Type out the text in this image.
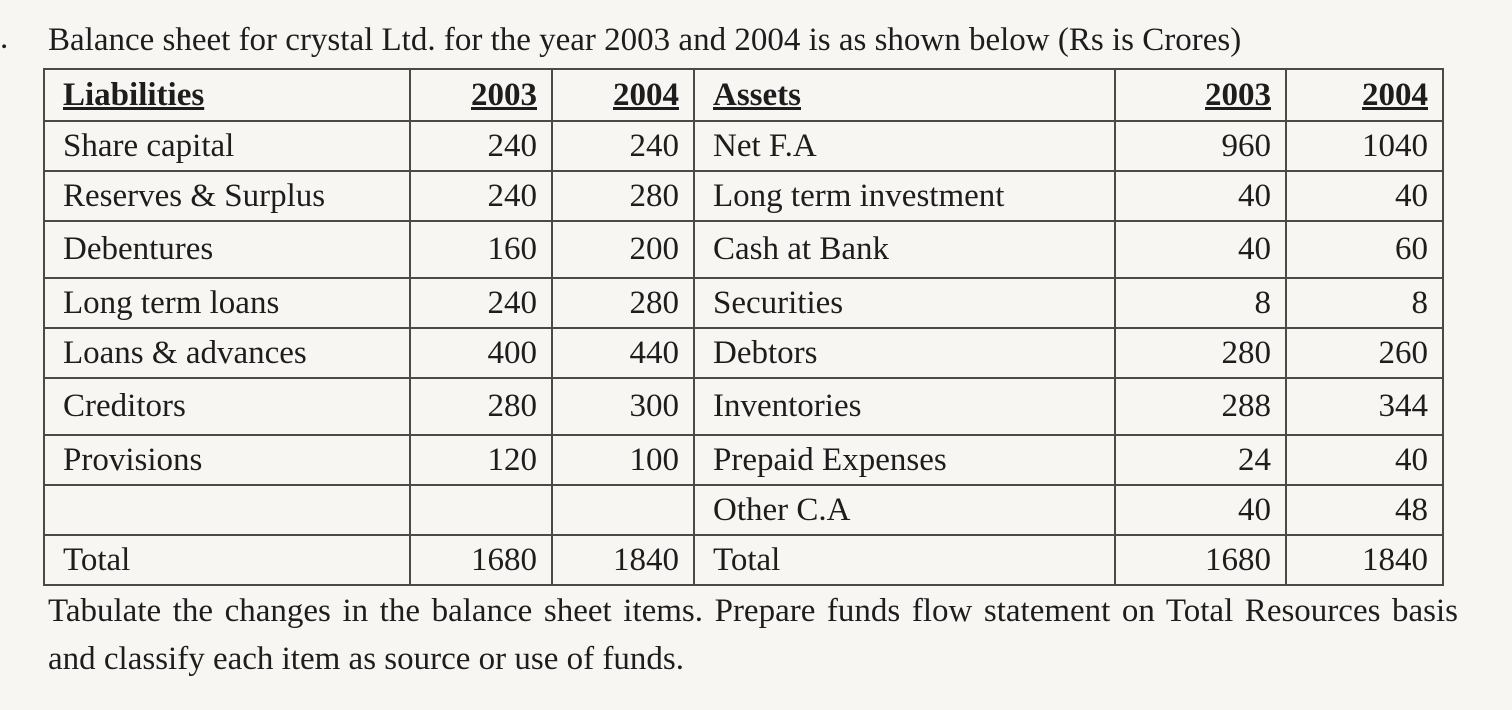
. Balance sheet for crystal Ltd. for the year 2003 and 2004 is as shown below (Rs is Crores)
Liabilities	2003	2004	Assets	2003	2004
Share capital	240	240	Net F.A	960	1040
Reserves & Surplus	240	280	Long term investment	40	40
Debentures	160	200	Cash at Bank	40	60
Long term loans	240	280	Securities	8	8
Loans & advances	400	440	Debtors	280	260
Creditors	280	300	Inventories	288	344
Provisions	120	100	Prepaid Expenses	24	40
			Other C.A	40	48
Total	1680	1840	Total	1680	1840
Tabulate the changes in the balance sheet items. Prepare funds flow statement on Total Resources basis and classify each item as source or use of funds.
